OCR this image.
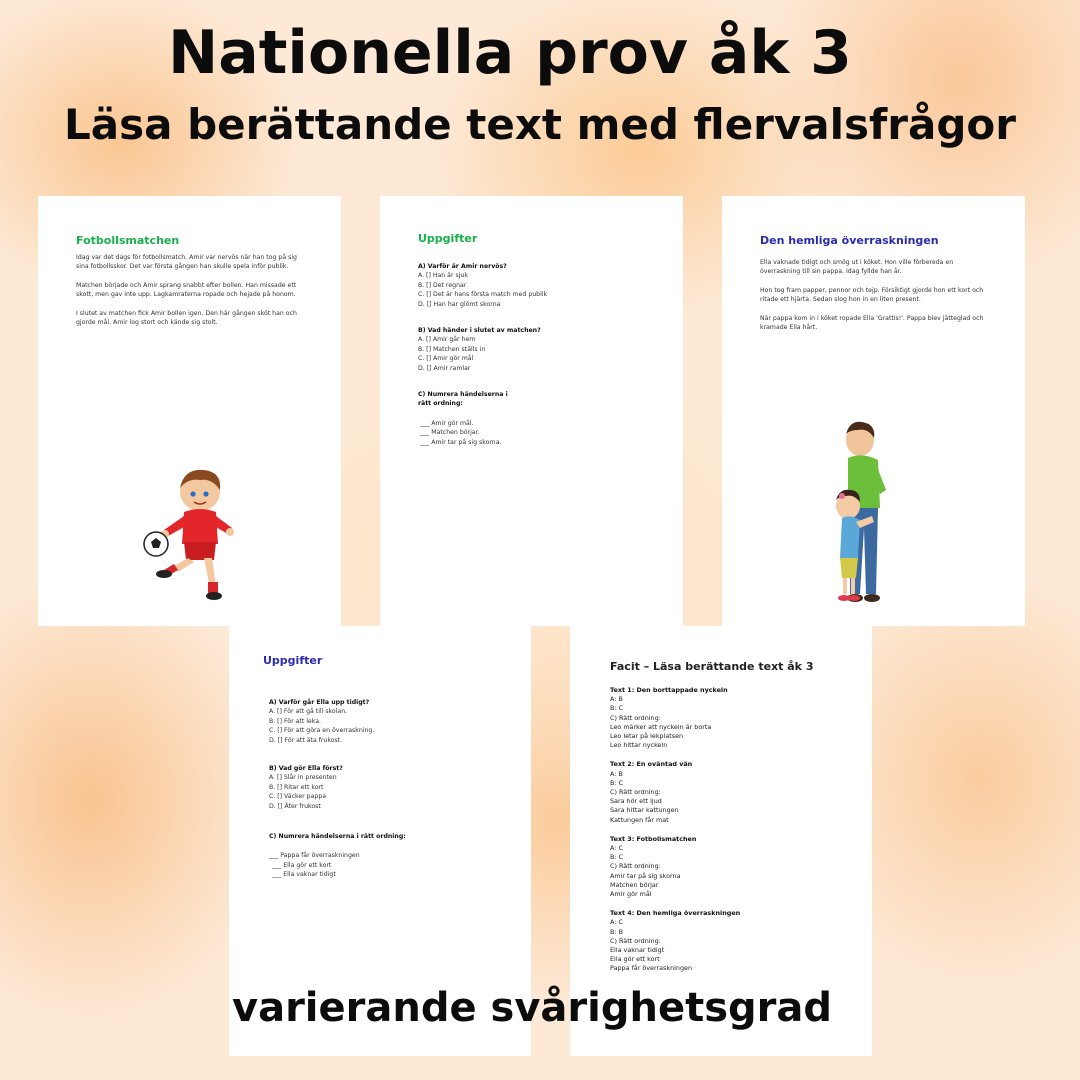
Nationella prov åk 3
Läsa berättande text med flervalsfrågor
Fotbollsmatchen

Idag var det dags för fotbollsmatch. Amir var nervös när han tog på sig sina fotbollsskor. Det var första gången han skulle spela inför publik.

Matchen började och Amir sprang snabbt efter bollen. Han missade ett skott, men gav inte upp. Lagkamraterna ropade och hejade på honom.

I slutet av matchen fick Amir bollen igen. Den här gången sköt han och gjorde mål. Amir log stort och kände sig stolt.

Uppgifter
A) Varför är Amir nervös?
A. [] Han är sjuk
B. [] Det regnar
C. [] Det är hans första match med publik
D. [] Han har glömt skorna
B) Vad händer i slutet av matchen?
A. [] Amir går hem
B. [] Matchen ställs in
C. [] Amir gör mål
D. [] Amir ramlar
C) Numrera händelserna i
rätt ordning:
___ Amir gör mål.
___ Matchen börjar.
___ Amir tar på sig skorna.
Den hemliga överraskningen

Ella vaknade tidigt och smög ut i köket. Hon ville förbereda en överraskning till sin pappa. Idag fyllde han år.

Hon tog fram papper, pennor och tejp. Försiktigt gjorde hon ett kort och ritade ett hjärta. Sedan slog hon in en liten present.

När pappa kom in i köket ropade Ella 'Grattis!'. Pappa blev jätteglad och kramade Ella hårt.

Uppgifter
A) Varför går Ella upp tidigt?
A. [] För att gå till skolan.
B. [] För att leka.
C. [] För att göra en överraskning.
D. [] För att äta frukost.
B) Vad gör Ella först?
A. [] Slår in presenten
B. [] Ritar ett kort
C. [] Väcker pappa
D. [] Äter frukost
C) Numrera händelserna i rätt ordning:
___ Pappa får överraskningen
___ Ella gör ett kort
___ Ella vaknar tidigt
Facit – Läsa berättande text åk 3
Text 1: Den borttappade nyckeln
A: B
B: C
C) Rätt ordning:
Leo märker att nyckeln är borta
Leo letar på lekplatsen
Leo hittar nyckeln
Text 2: En oväntad vän
A: B
B: C
C) Rätt ordning:
Sara hör ett ljud
Sara hittar kattungen
Kattungen får mat
Text 3: Fotbollsmatchen
A: C
B: C
C) Rätt ordning:
Amir tar på sig skorna
Matchen börjar
Amir gör mål
Text 4: Den hemliga överraskningen
A: C
B: B
C) Rätt ordning:
Ella vaknar tidigt
Ella gör ett kort
Pappa får överraskningen
varierande svårighetsgrad
